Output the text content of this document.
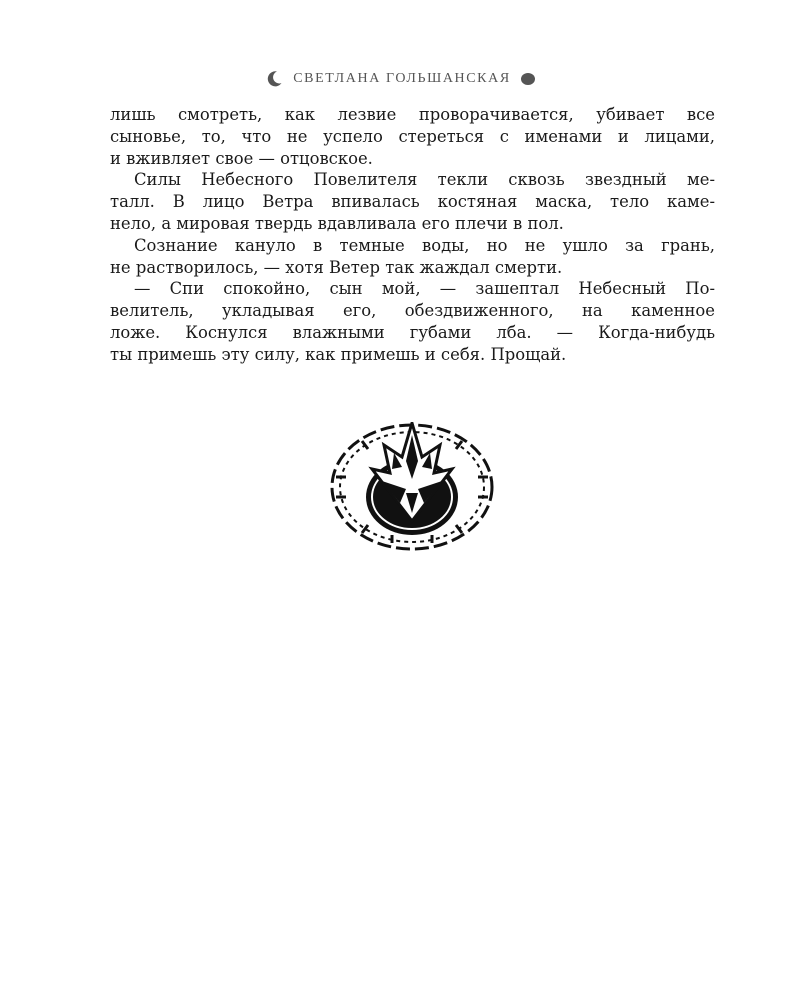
СВЕТЛАНА ГОЛЬШАНСКАЯ
лишь смотреть, как лезвие проворачивается, убивает все
сыновье, то, что не успело стереться с именами и лицами,
и вживляет свое — отцовское.
Силы Небесного Повелителя текли сквозь звездный ме-
талл. В лицо Ветра впивалась костяная маска, тело каме-
нело, а мировая твердь вдавливала его плечи в пол.
Сознание кануло в темные воды, но не ушло за грань,
не растворилось, — хотя Ветер так жаждал смерти.
— Спи спокойно, сын мой, — зашептал Небесный По-
велитель, укладывая его, обездвиженного, на каменное
ложе. Коснулся влажными губами лба. — Когда-нибудь
ты примешь эту силу, как примешь и себя. Прощай.
